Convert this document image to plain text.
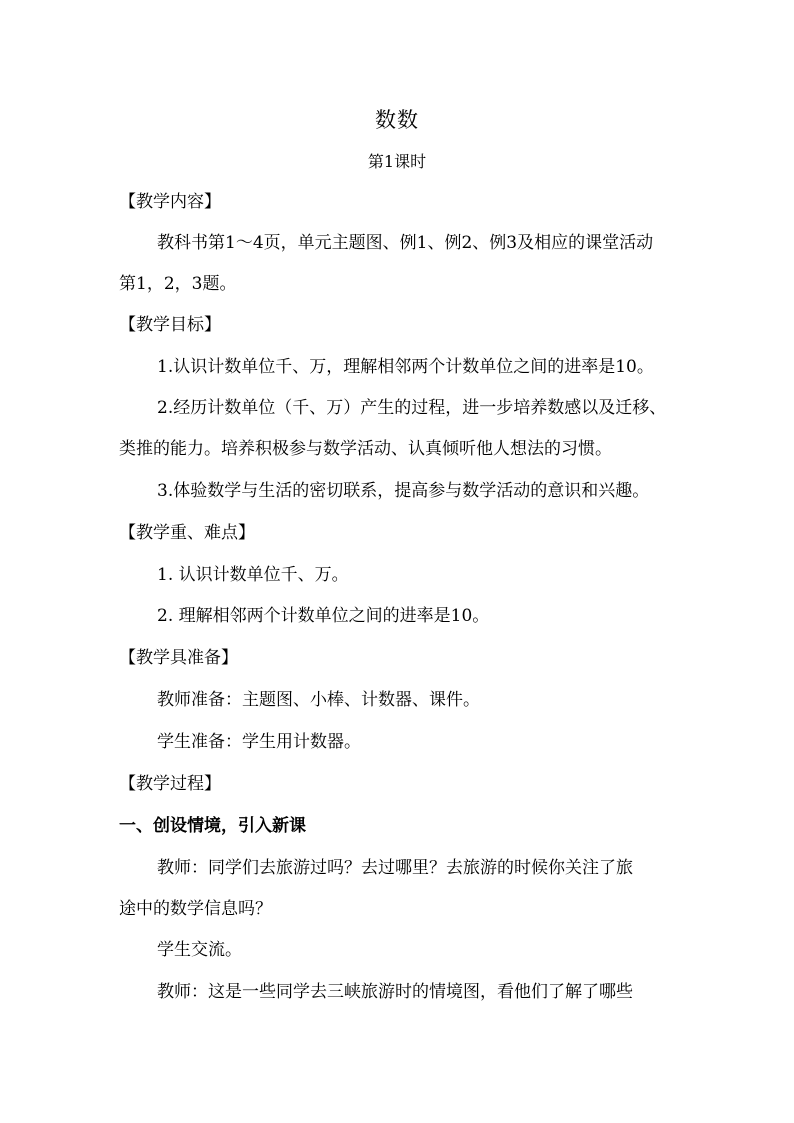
数数
第1课时
【教学内容】
教科书第1～4页，单元主题图、例1、例2、例3及相应的课堂活动
第1，2，3题。
【教学目标】
1.认识计数单位千、万，理解相邻两个计数单位之间的进率是10。
2.经历计数单位（千、万）产生的过程，进一步培养数感以及迁移、
类推的能力。培养积极参与数学活动、认真倾听他人想法的习惯。
3.体验数学与生活的密切联系，提高参与数学活动的意识和兴趣。
【教学重、难点】
1. 认识计数单位千、万。
2. 理解相邻两个计数单位之间的进率是10。
【教学具准备】
教师准备：主题图、小棒、计数器、课件。
学生准备：学生用计数器。
【教学过程】
一、创设情境，引入新课
教师：同学们去旅游过吗？去过哪里？去旅游的时候你关注了旅
途中的数学信息吗？
学生交流。
教师：这是一些同学去三峡旅游时的情境图，看他们了解了哪些
